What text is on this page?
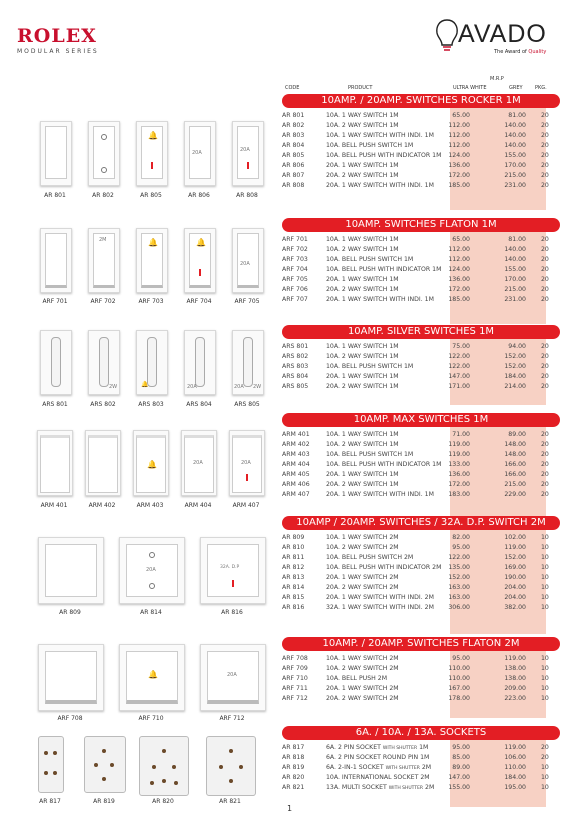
ROLEX
MODULAR SERIES
AVADO
The Award of Quality
M.R.P
CODE	PRODUCT	ULTRA WHITE	GREY PKG.
10AMP. / 20AMP. SWITCHES ROCKER 1M
AR 801	10A. 1 WAY SWITCH 1M	65.00	81.00 20
AR 802	10A. 2 WAY SWITCH 1M	112.00	140.00 20
AR 803	10A. 1 WAY SWITCH WITH INDI. 1M	112.00	140.00 20
AR 804	10A. BELL PUSH SWITCH 1M	112.00	140.00 20
AR 805	10A. BELL PUSH WITH INDICATOR 1M	124.00	155.00 20
AR 806	20A. 1 WAY SWITCH 1M	136.00	170.00 20
AR 807	20A. 2 WAY SWITCH 1M	172.00	215.00 20
AR 808	20A. 1 WAY SWITCH WITH INDI. 1M	185.00	231.00 20
10AMP. SWITCHES FLATON 1M
ARF 701	10A. 1 WAY SWITCH 1M	65.00	81.00 20
ARF 702	10A. 2 WAY SWITCH 1M	112.00	140.00 20
ARF 703	10A. BELL PUSH SWITCH 1M	112.00	140.00 20
ARF 704	10A. BELL PUSH WITH INDICATOR 1M	124.00	155.00 20
ARF 705	20A. 1 WAY SWITCH 1M	136.00	170.00 20
ARF 706	20A. 2 WAY SWITCH 1M	172.00	215.00 20
ARF 707	20A. 1 WAY SWITCH WITH INDI. 1M	185.00	231.00 20
10AMP. SILVER SWITCHES 1M
ARS 801	10A. 1 WAY SWITCH 1M	75.00	94.00 20
ARS 802	10A. 2 WAY SWITCH 1M	122.00	152.00 20
ARS 803	10A. BELL PUSH SWITCH 1M	122.00	152.00 20
ARS 804	20A. 1 WAY SWITCH 1M	147.00	184.00 20
ARS 805	20A. 2 WAY SWITCH 1M	171.00	214.00 20
10AMP. MAX SWITCHES 1M
ARM 401	10A. 1 WAY SWITCH 1M	71.00	89.00 20
ARM 402	10A. 2 WAY SWITCH 1M	119.00	148.00 20
ARM 403	10A. BELL PUSH SWITCH 1M	119.00	148.00 20
ARM 404	10A. BELL PUSH WITH INDICATOR 1M	133.00	166.00 20
ARM 405	20A. 1 WAY SWITCH 1M	136.00	166.00 20
ARM 406	20A. 2 WAY SWITCH 1M	172.00	215.00 20
ARM 407	20A. 1 WAY SWITCH WITH INDI. 1M	183.00	229.00 20
10AMP / 20AMP. SWITCHES / 32A. D.P. SWITCH 2M
AR 809	10A. 1 WAY SWITCH 2M	82.00	102.00 10
AR 810	10A. 2 WAY SWITCH 2M	95.00	119.00 10
AR 811	10A. BELL PUSH SWITCH 2M	122.00	152.00 10
AR 812	10A. BELL PUSH WITH INDICATOR 2M	135.00	169.00 10
AR 813	20A. 1 WAY SWITCH 2M	152.00	190.00 10
AR 814	20A. 2 WAY SWITCH 2M	163.00	204.00 10
AR 815	20A. 1 WAY SWITCH WITH INDI. 2M	163.00	204.00 10
AR 816	32A. 1 WAY SWITCH WITH INDI. 2M	306.00	382.00 10
10AMP. / 20AMP. SWITCHES FLATON 2M
ARF 708	10A. 1 WAY SWITCH 2M	95.00	119.00 10
ARF 709	10A. 2 WAY SWITCH 2M	110.00	138.00 10
ARF 710	10A. BELL PUSH 2M	110.00	138.00 10
ARF 711	20A. 1 WAY SWITCH 2M	167.00	209.00 10
ARF 712	20A. 2 WAY SWITCH 2M	178.00	223.00 10
6A. / 10A. / 13A. SOCKETS
AR 817	6A. 2 PIN SOCKET WITH SHUTTER 1M	95.00	119.00 20
AR 818	6A. 2 PIN SOCKET ROUND PIN 1M	85.00	106.00 20
AR 819	6A. 2-IN-1 SOCKET WITH SHUTTER 2M	89.00	110.00 10
AR 820	10A. INTERNATIONAL SOCKET 2M	147.00	184.00 10
AR 821	13A. MULTI SOCKET WITH SHUTTER 2M	155.00	195.00 10
🔔
20A	20A
AR 801	AR 802	AR 805	AR 806	AR 808
2M	🔔	🔔
20A
ARF 701	ARF 702	ARF 703	ARF 704	ARF 705
2W	🔔	20A	20A 2W
ARS 801	ARS 802	ARS 803	ARS 804	ARS 805
🔔	20A	20A
ARM 401	ARM 402	ARM 403	ARM 404	ARM 407
20A	32A. D.P
AR 809	AR 814	AR 816
🔔	20A
ARF 708	ARF 710	ARF 712
AR 817	AR 819	AR 820	AR 821
1
